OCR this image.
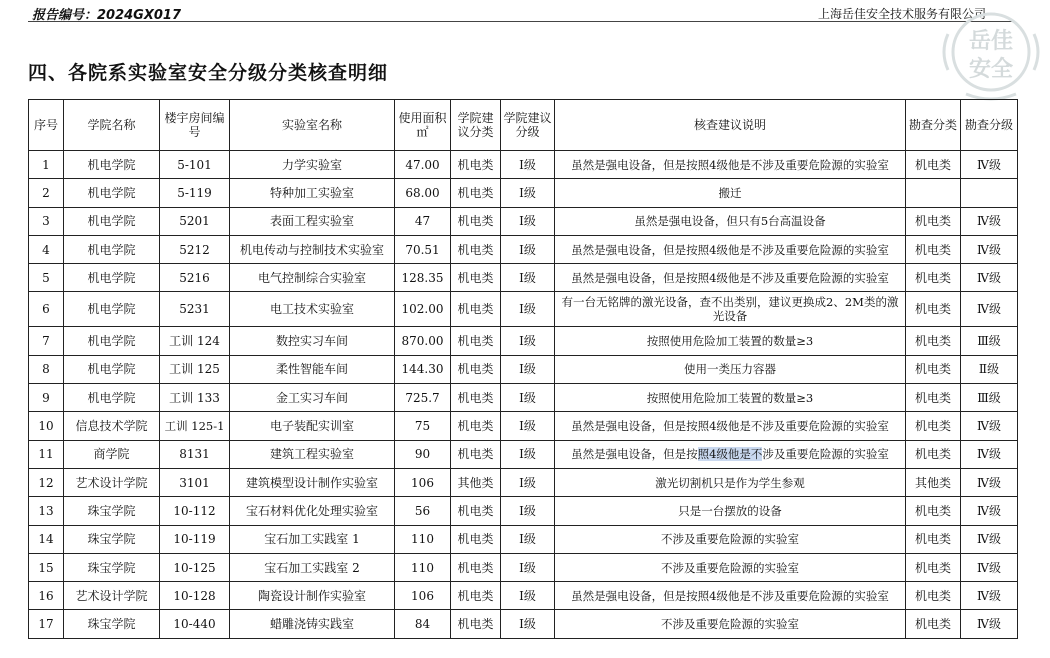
报告编号：2024GX017	上海岳佳安全技术服务有限公司
岳佳
安全
四、各院系实验室安全分级分类核查明细
序号	学院名称	楼宇房间编号	实验室名称	使用面积㎡	学院建议分类	学院建议分级	核查建议说明	勘查分类	勘查分级
1	机电学院	5-101	力学实验室	47.00	机电类	I级	虽然是强电设备，但是按照4级他是不涉及重要危险源的实验室	机电类	Ⅳ级
2	机电学院	5-119	特种加工实验室	68.00	机电类	I级	搬迁		
3	机电学院	5201	表面工程实验室	47	机电类	I级	虽然是强电设备，但只有5台高温设备	机电类	Ⅳ级
4	机电学院	5212	机电传动与控制技术实验室	70.51	机电类	I级	虽然是强电设备，但是按照4级他是不涉及重要危险源的实验室	机电类	Ⅳ级
5	机电学院	5216	电气控制综合实验室	128.35	机电类	I级	虽然是强电设备，但是按照4级他是不涉及重要危险源的实验室	机电类	Ⅳ级
6	机电学院	5231	电工技术实验室	102.00	机电类	I级	有一台无铭牌的激光设备，查不出类别，建议更换成2、2M类的激光设备	机电类	Ⅳ级
7	机电学院	工训 124	数控实习车间	870.00	机电类	I级	按照使用危险加工装置的数量≥3	机电类	Ⅲ级
8	机电学院	工训 125	柔性智能车间	144.30	机电类	I级	使用一类压力容器	机电类	Ⅱ级
9	机电学院	工训 133	金工实习车间	725.7	机电类	I级	按照使用危险加工装置的数量≥3	机电类	Ⅲ级
10	信息技术学院	工训 125-1	电子装配实训室	75	机电类	I级	虽然是强电设备，但是按照4级他是不涉及重要危险源的实验室	机电类	Ⅳ级
11	商学院	8131	建筑工程实验室	90	机电类	I级	虽然是强电设备，但是按照4级他是不涉及重要危险源的实验室	机电类	Ⅳ级
12	艺术设计学院	3101	建筑模型设计制作实验室	106	其他类	I级	激光切割机只是作为学生参观	其他类	Ⅳ级
13	珠宝学院	10-112	宝石材料优化处理实验室	56	机电类	I级	只是一台摆放的设备	机电类	Ⅳ级
14	珠宝学院	10-119	宝石加工实践室 1	110	机电类	I级	不涉及重要危险源的实验室	机电类	Ⅳ级
15	珠宝学院	10-125	宝石加工实践室 2	110	机电类	I级	不涉及重要危险源的实验室	机电类	Ⅳ级
16	艺术设计学院	10-128	陶瓷设计制作实验室	106	机电类	I级	虽然是强电设备，但是按照4级他是不涉及重要危险源的实验室	机电类	Ⅳ级
17	珠宝学院	10-440	蜡雕浇铸实践室	84	机电类	I级	不涉及重要危险源的实验室	机电类	Ⅳ级
